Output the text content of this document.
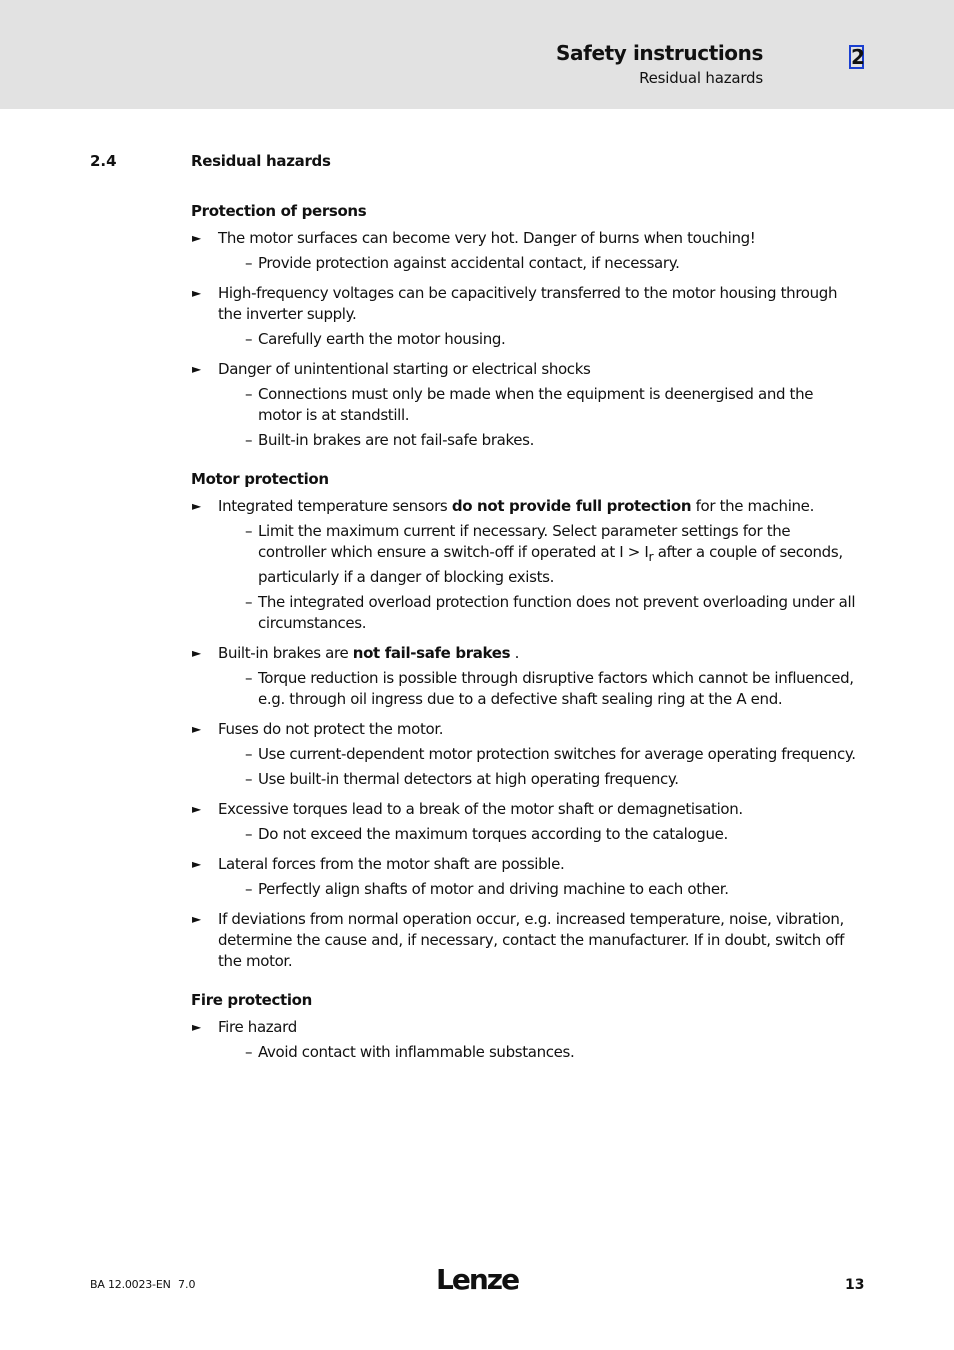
Safety instructions
Residual hazards
2
2.4	Residual hazards
Protection of persons
► The motor surfaces can become very hot. Danger of burns when touching!
– Provide protection against accidental contact, if necessary.
► High-frequency voltages can be capacitively transferred to the motor housing through the inverter supply.
– Carefully earth the motor housing.
► Danger of unintentional starting or electrical shocks
– Connections must only be made when the equipment is deenergised and the motor is at standstill.
– Built-in brakes are not fail-safe brakes.
Motor protection
► Integrated temperature sensors do not provide full protection for the machine.
– Limit the maximum current if necessary. Select parameter settings for the controller which ensure a switch-off if operated at $I > I_r$ after a couple of seconds, particularly if a danger of blocking exists.
– The integrated overload protection function does not prevent overloading under all circumstances.
► Built-in brakes are not fail-safe brakes .
– Torque reduction is possible through disruptive factors which cannot be influenced, e.g. through oil ingress due to a defective shaft sealing ring at the A end.
► Fuses do not protect the motor.
– Use current-dependent motor protection switches for average operating frequency.
– Use built-in thermal detectors at high operating frequency.
► Excessive torques lead to a break of the motor shaft or demagnetisation.
– Do not exceed the maximum torques according to the catalogue.
► Lateral forces from the motor shaft are possible.
– Perfectly align shafts of motor and driving machine to each other.
► If deviations from normal operation occur, e.g. increased temperature, noise, vibration, determine the cause and, if necessary, contact the manufacturer. If in doubt, switch off the motor.
Fire protection
► Fire hazard
– Avoid contact with inflammable substances.
BA 12.0023-EN 7.0	Lenze	13
